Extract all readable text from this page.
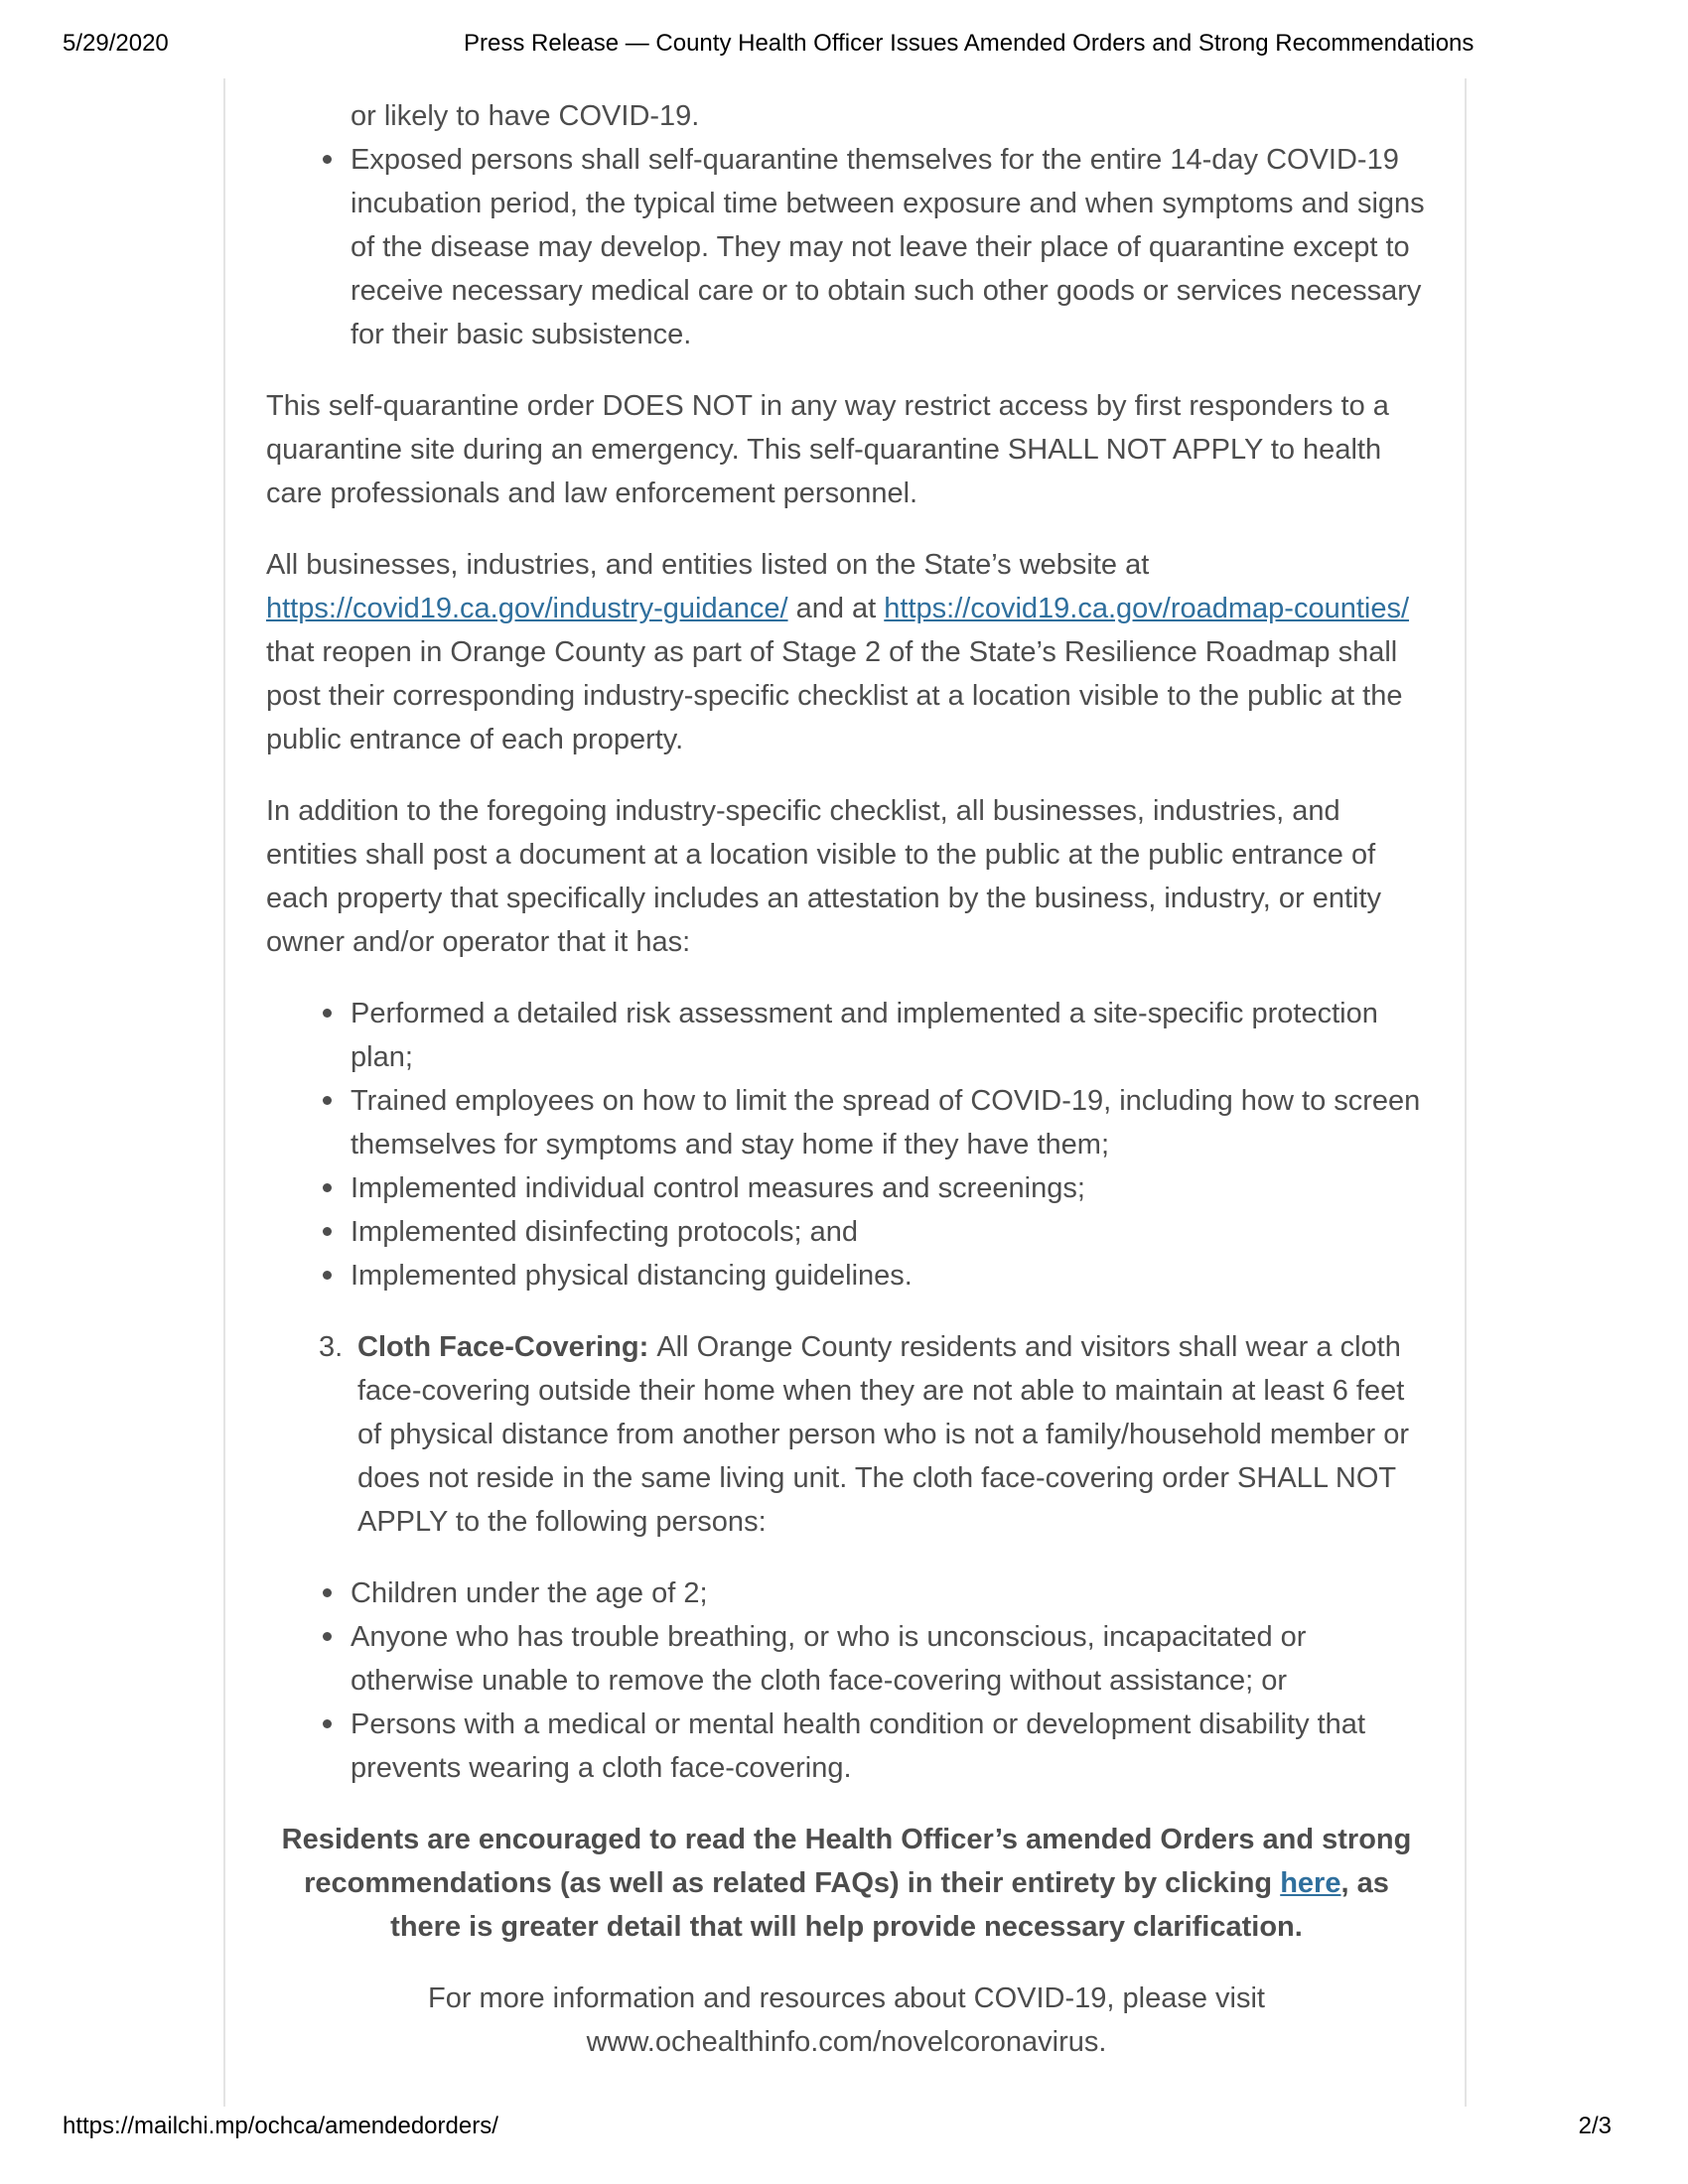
5/29/2020	Press Release — County Health Officer Issues Amended Orders and Strong Recommendations
or likely to have COVID-19.
Exposed persons shall self-quarantine themselves for the entire 14-day COVID-19 incubation period, the typical time between exposure and when symptoms and signs of the disease may develop. They may not leave their place of quarantine except to receive necessary medical care or to obtain such other goods or services necessary for their basic subsistence.

This self-quarantine order DOES NOT in any way restrict access by first responders to a quarantine site during an emergency. This self-quarantine SHALL NOT APPLY to health care professionals and law enforcement personnel.

All businesses, industries, and entities listed on the State’s website at https://covid19.ca.gov/industry-guidance/ and at https://covid19.ca.gov/roadmap-counties/ that reopen in Orange County as part of Stage 2 of the State’s Resilience Roadmap shall post their corresponding industry-specific checklist at a location visible to the public at the public entrance of each property.

In addition to the foregoing industry-specific checklist, all businesses, industries, and entities shall post a document at a location visible to the public at the public entrance of each property that specifically includes an attestation by the business, industry, or entity owner and/or operator that it has:

Performed a detailed risk assessment and implemented a site-specific protection plan;
Trained employees on how to limit the spread of COVID-19, including how to screen themselves for symptoms and stay home if they have them;
Implemented individual control measures and screenings;
Implemented disinfecting protocols; and
Implemented physical distancing guidelines.
3. Cloth Face-Covering: All Orange County residents and visitors shall wear a cloth face-covering outside their home when they are not able to maintain at least 6 feet of physical distance from another person who is not a family/household member or does not reside in the same living unit. The cloth face-covering order SHALL NOT APPLY to the following persons:
Children under the age of 2;
Anyone who has trouble breathing, or who is unconscious, incapacitated or otherwise unable to remove the cloth face-covering without assistance; or
Persons with a medical or mental health condition or development disability that prevents wearing a cloth face-covering.

Residents are encouraged to read the Health Officer’s amended Orders and strong recommendations (as well as related FAQs) in their entirety by clicking here, as there is greater detail that will help provide necessary clarification.

For more information and resources about COVID-19, please visit www.ochealthinfo.com/novelcoronavirus.

https://mailchi.mp/ochca/amendedorders/	2/3
